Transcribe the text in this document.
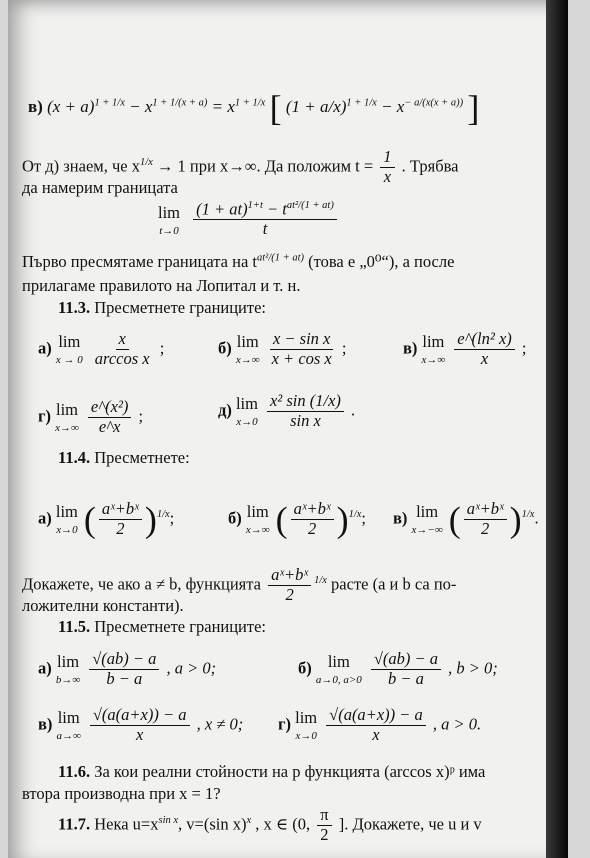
в) $(x + a)^{1 + 1/x} - x^{1 + 1/(x + a)} = x^{1 + 1/x}$ [ $(1 + a/x)^{1 + 1/x} - x^{- a/(x(x + a))}$ ]
От д) знаем, че $x^{1/x} \to 1$ при x→∞. Да положим $t = \frac{1}{x}$ . Трябва
да намерим границата
lim
t→0
$\frac{(1 + at)^{1+t} - t^{at^2/(1 + at)}}{t}$
Първо пресмятаме границата на $t^{at^2/(1 + at)}$ (това е „0⁰“), а после
прилагаме правилото на Лопитал и т. н.
11.3. Пресметнете границите:
а) lim
$x \to 0 \frac{x}{\text{arccos x}}$ ;	б) lim
$x\to\infty \frac{\text{x − sin x}}{\text{x + cos x}}$ ;	в) lim
$x\to\infty \frac{\text{e\textasciicircum{}(ln² x)}}{x}$ ;
г) lim
$x\to\infty \frac{\text{e\textasciicircum{}(x²)}}{e\^{}x}$ ;	д) lim
$x\to 0 \frac{\text{x² sin (1/x)}}{\text{sin x}}$ .
11.4. Пресметнете:
а) lim
x→0 ( $\frac{\text{aˣ+bˣ}}{2} )^{1/x}$;	б) lim
x→∞ ( $\frac{\text{aˣ+bˣ}}{2} )^{1/x}$; в) lim
x→−∞ ( $\frac{\text{aˣ+bˣ}}{2} )^{1/x}$.
Докажете, че ако a ≠ b, функцията $\frac{\text{aˣ+bˣ}}{2} ^{1/x}$ расте (a и b са по-
ложителни константи).
11.5. Пресметнете границите:
а) lim
$b\to\infty \frac{√(ab) - a}{b - a}$ , a > 0;	б) lim
a→0, $a>0 \frac{√(ab) - a}{b - a}$ , b > 0;
в) lim
$a\to\infty \frac{√(a(a+x)) - a}{x}$ , x ≠ 0; г) lim
$x\to 0 \frac{√(a(a+x)) - a}{x}$ , a > 0.
11.6. За кои реални стойности на p функцията (arccos x)ᵖ има
втора производна при x = 1?
11.7. Нека $u=x^{sin x}$, v=(sin x)$^x$ , x ∈ (0, $\frac{\pi}{2}$ ]. Докажете, че u и v
